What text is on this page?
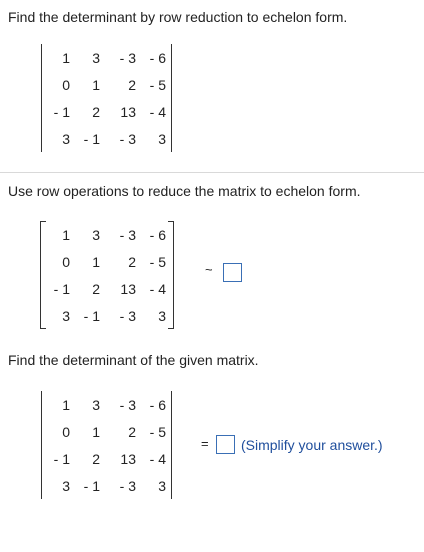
Find the determinant by row reduction to echelon form.
1	3	- 3	- 6
0	1	2	- 5
- 1	2	13	- 4
3	- 1	- 3	3
Use row operations to reduce the matrix to echelon form.
1	3	- 3	- 6
0	1	2	- 5
- 1	2	13	- 4
3	- 1	- 3	3
~
Find the determinant of the given matrix.
1	3	- 3	- 6
0	1	2	- 5
- 1	2	13	- 4
3	- 1	- 3	3
= (Simplify your answer.)
